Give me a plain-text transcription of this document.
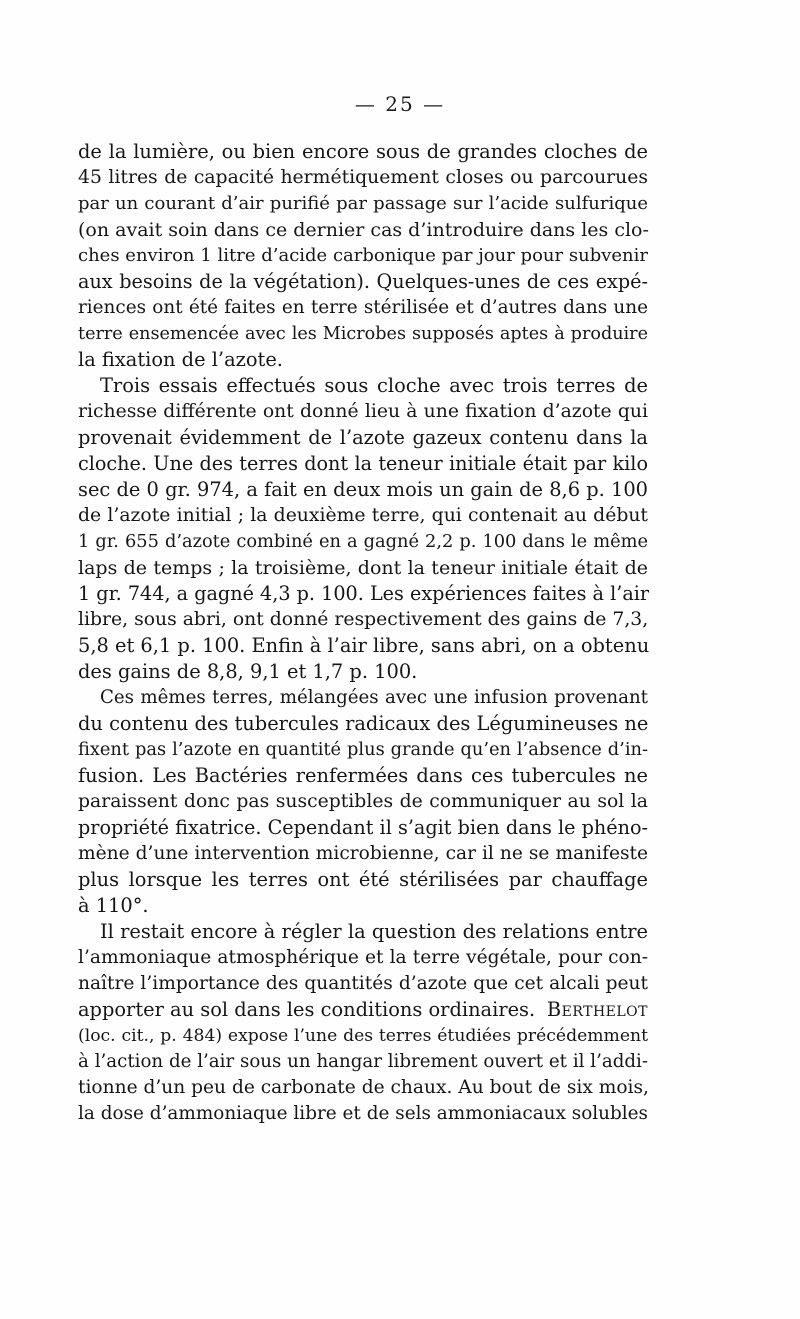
— 25 —
de la lumière, ou bien encore sous de grandes cloches de
45 litres de capacité hermétiquement closes ou parcourues
par un courant d’air purifié par passage sur l’acide sulfurique
(on avait soin dans ce dernier cas d’introduire dans les clo-
ches environ 1 litre d’acide carbonique par jour pour subvenir
aux besoins de la végétation). Quelques-unes de ces expé-
riences ont été faites en terre stérilisée et d’autres dans une
terre ensemencée avec les Microbes supposés aptes à produire
la fixation de l’azote.
Trois essais effectués sous cloche avec trois terres de
richesse différente ont donné lieu à une fixation d’azote qui
provenait évidemment de l’azote gazeux contenu dans la
cloche. Une des terres dont la teneur initiale était par kilo
sec de 0 gr. 974, a fait en deux mois un gain de 8,6 p. 100
de l’azote initial ; la deuxième terre, qui contenait au début
1 gr. 655 d’azote combiné en a gagné 2,2 p. 100 dans le même
laps de temps ; la troisième, dont la teneur initiale était de
1 gr. 744, a gagné 4,3 p. 100. Les expériences faites à l’air
libre, sous abri, ont donné respectivement des gains de 7,3,
5,8 et 6,1 p. 100. Enfin à l’air libre, sans abri, on a obtenu
des gains de 8,8, 9,1 et 1,7 p. 100.
Ces mêmes terres, mélangées avec une infusion provenant
du contenu des tubercules radicaux des Légumineuses ne
fixent pas l’azote en quantité plus grande qu’en l’absence d’in-
fusion. Les Bactéries renfermées dans ces tubercules ne
paraissent donc pas susceptibles de communiquer au sol la
propriété fixatrice. Cependant il s’agit bien dans le phéno-
mène d’une intervention microbienne, car il ne se manifeste
plus lorsque les terres ont été stérilisées par chauffage
à 110°.
Il restait encore à régler la question des relations entre
l’ammoniaque atmosphérique et la terre végétale, pour con-
naître l’importance des quantités d’azote que cet alcali peut
apporter au sol dans les conditions ordinaires. Berthelot
(loc. cit., p. 484) expose l’une des terres étudiées précédemment
à l’action de l’air sous un hangar librement ouvert et il l’addi-
tionne d’un peu de carbonate de chaux. Au bout de six mois,
la dose d’ammoniaque libre et de sels ammoniacaux solubles
